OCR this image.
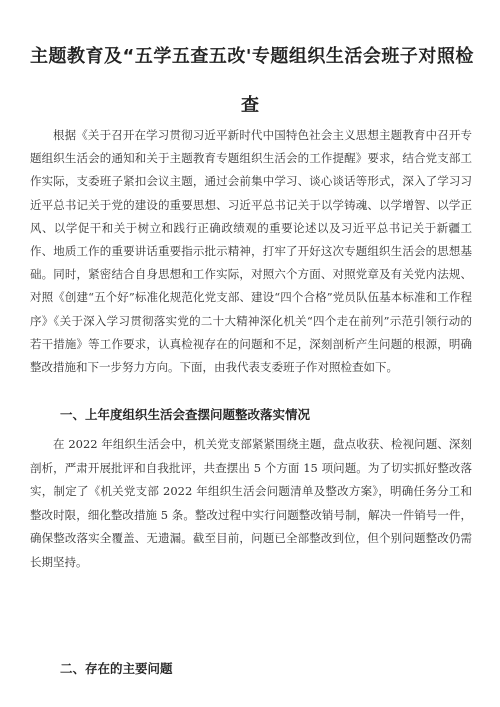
主题教育及“五学五查五改'专题组织生活会班子对照检
查
根据《关于召开在学习贯彻习近平新时代中国特色社会主义思想主题教育中召开专题组织生活会的通知和关于主题教育专题组织生活会的工作提醒》要求，结合党支部工作实际，支委班子紧扣会议主题，通过会前集中学习、谈心谈话等形式，深入了学习习近平总书记关于党的建设的重要思想、习近平总书记关于以学铸魂、以学增智、以学正风、以学促干和关于树立和践行正确政绩观的重要论述以及习近平总书记关于新疆工作、地质工作的重要讲话重要指示批示精神，打牢了开好这次专题组织生活会的思想基础。同时，紧密结合自身思想和工作实际，对照六个方面、对照党章及有关党内法规、对照《创建“五个好”标准化规范化党支部、建设“四个合格”党员队伍基本标准和工作程序》《关于深入学习贯彻落实党的二十大精神深化机关“四个走在前列”示范引领行动的若干措施》等工作要求，认真检视存在的问题和不足，深刻剖析产生问题的根源，明确整改措施和下一步努力方向。下面，由我代表支委班子作对照检查如下。
一、上年度组织生活会查摆问题整改落实情况
在 2022 年组织生活会中，机关党支部紧紧围绕主题，盘点收获、检视问题、深刻剖析，严肃开展批评和自我批评，共查摆出 5 个方面 15 项问题。为了切实抓好整改落实，制定了《机关党支部 2022 年组织生活会问题清单及整改方案》，明确任务分工和整改时限，细化整改措施 5 条。整改过程中实行问题整改销号制，解决一件销号一件，确保整改落实全覆盖、无遗漏。截至目前，问题已全部整改到位，但个别问题整改仍需长期坚持。
二、存在的主要问题
